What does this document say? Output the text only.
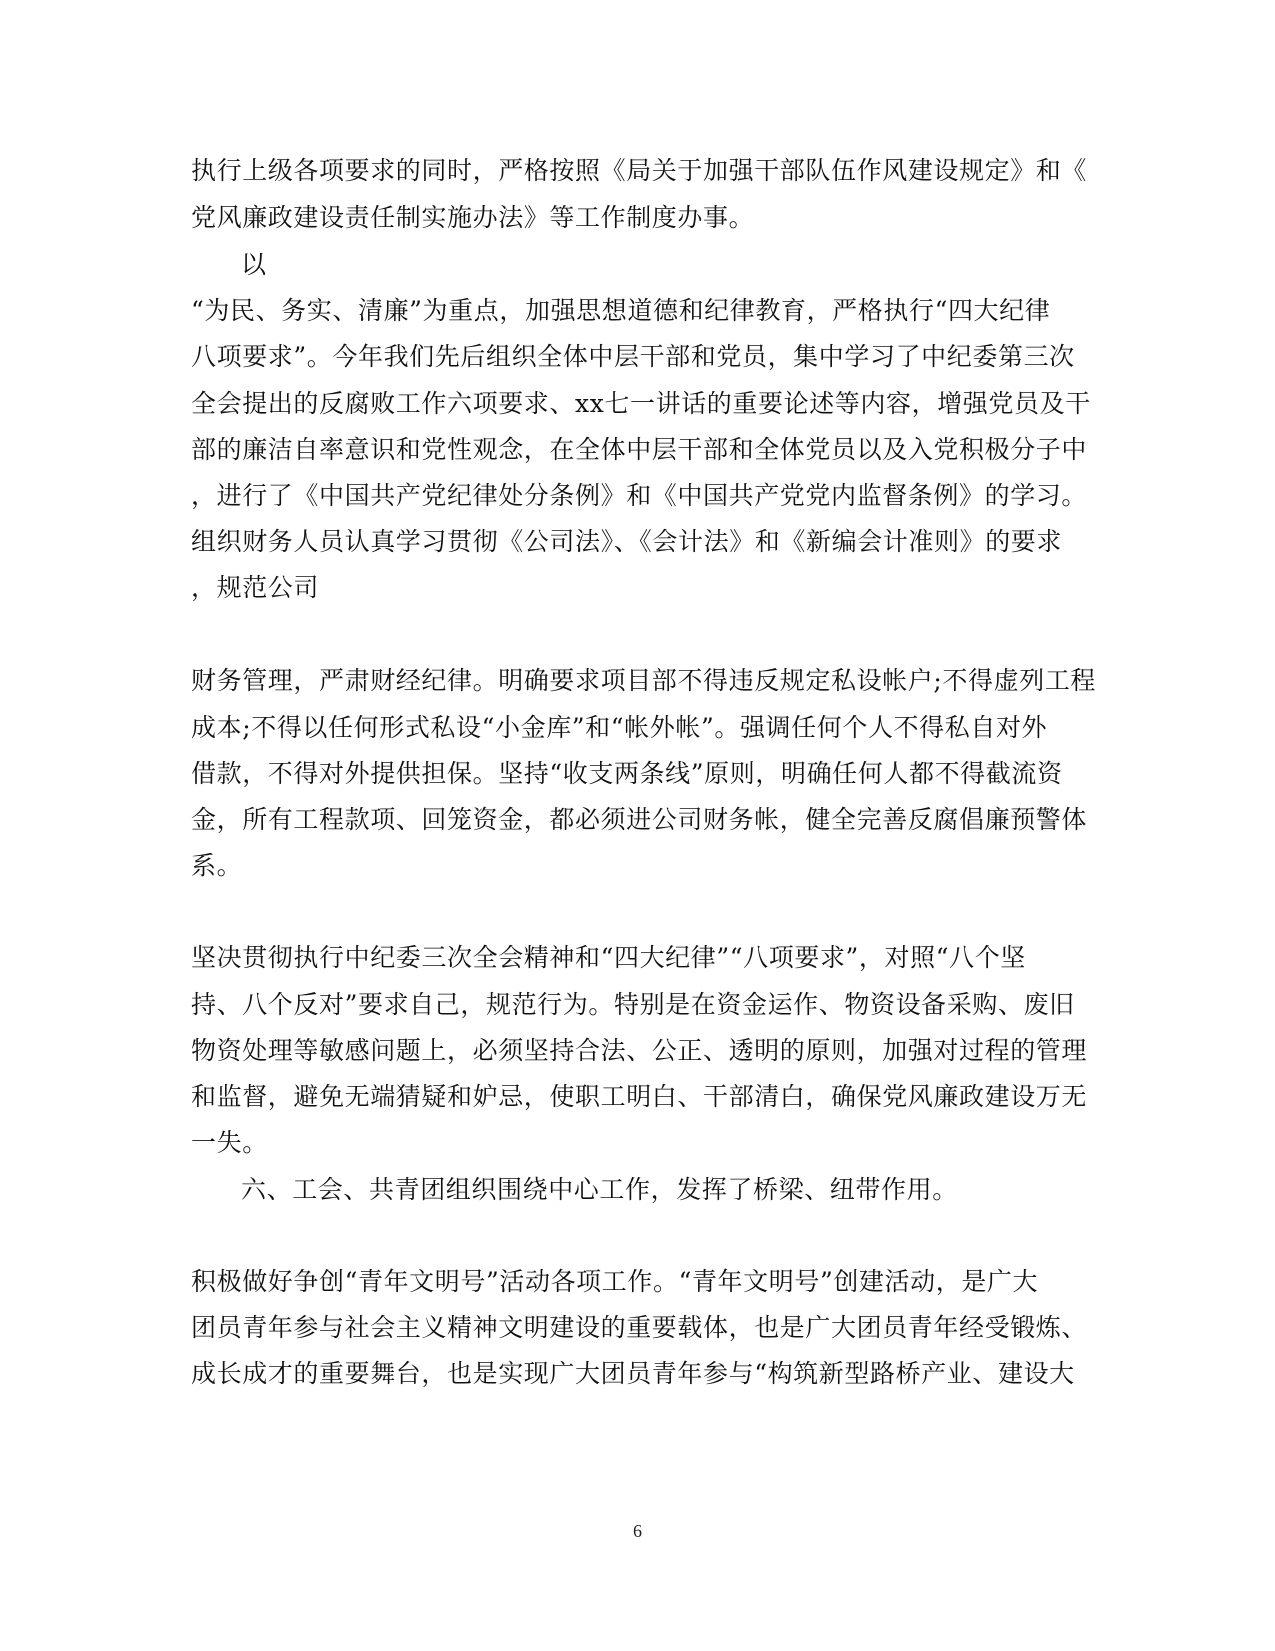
执行上级各项要求的同时，严格按照《局关于加强干部队伍作风建设规定》和《
党风廉政建设责任制实施办法》等工作制度办事。
以
“为民、务实、清廉”为重点，加强思想道德和纪律教育，严格执行“四大纪律
八项要求”。今年我们先后组织全体中层干部和党员，集中学习了中纪委第三次
全会提出的反腐败工作六项要求、xx七一讲话的重要论述等内容，增强党员及干
部的廉洁自率意识和党性观念，在全体中层干部和全体党员以及入党积极分子中
，进行了《中国共产党纪律处分条例》和《中国共产党党内监督条例》的学习。
组织财务人员认真学习贯彻《公司法》、《会计法》和《新编会计准则》的要求
，规范公司
财务管理，严肃财经纪律。明确要求项目部不得违反规定私设帐户;不得虚列工程
成本;不得以任何形式私设“小金库”和“帐外帐”。强调任何个人不得私自对外
借款，不得对外提供担保。坚持“收支两条线”原则，明确任何人都不得截流资
金，所有工程款项、回笼资金，都必须进公司财务帐，健全完善反腐倡廉预警体
系。
坚决贯彻执行中纪委三次全会精神和“四大纪律”“八项要求”，对照“八个坚
持、八个反对”要求自己，规范行为。特别是在资金运作、物资设备采购、废旧
物资处理等敏感问题上，必须坚持合法、公正、透明的原则，加强对过程的管理
和监督，避免无端猜疑和妒忌，使职工明白、干部清白，确保党风廉政建设万无
一失。
六、工会、共青团组织围绕中心工作，发挥了桥梁、纽带作用。
积极做好争创“青年文明号”活动各项工作。“青年文明号”创建活动，是广大
团员青年参与社会主义精神文明建设的重要载体，也是广大团员青年经受锻炼、
成长成才的重要舞台，也是实现广大团员青年参与“构筑新型路桥产业、建设大
6
